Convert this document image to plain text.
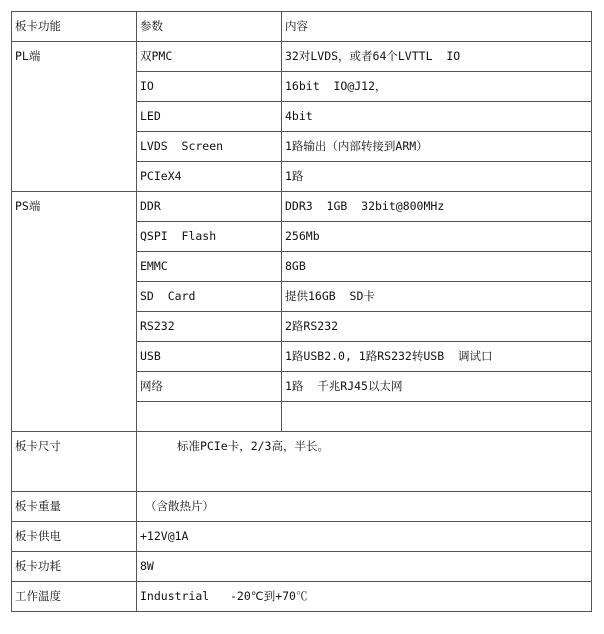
板卡功能	参数	内容
PL端	双PMC	32对LVDS，或者64个LVTTL  IO
	IO	16bit  IO@J12，
	LED	4bit
	LVDS  Screen	1路输出（内部转接到ARM）
	PCIeX4	1路
PS端	DDR	DDR3  1GB  32bit@800MHz
	QSPI  Flash	256Mb
	EMMC	8GB
	SD  Card	提供16GB  SD卡
	RS232	2路RS232
	USB	1路USB2.0, 1路RS232转USB  调试口
	网络	1路  千兆RJ45以太网

板卡尺寸	标准PCIe卡，2/3高，半长。	
板卡重量	（含散热片）	
板卡供电	+12V@1A	
板卡功耗	8W	
工作温度	Industrial   -20℃到+70℃	
